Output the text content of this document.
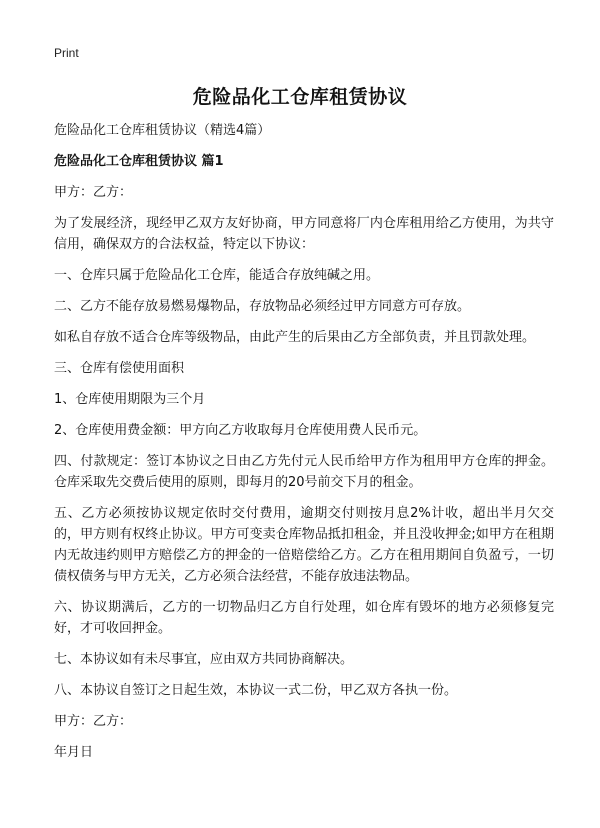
Print
危险品化工仓库租赁协议

危险品化工仓库租赁协议（精选4篇）

危险品化工仓库租赁协议 篇1

甲方：乙方：

为了发展经济，现经甲乙双方友好协商，甲方同意将厂内仓库租用给乙方使用，为共守信用，确保双方的合法权益，特定以下协议：

一、仓库只属于危险品化工仓库，能适合存放纯碱之用。

二、乙方不能存放易燃易爆物品，存放物品必须经过甲方同意方可存放。

如私自存放不适合仓库等级物品，由此产生的后果由乙方全部负责，并且罚款处理。

三、仓库有偿使用面积

1、仓库使用期限为三个月

2、仓库使用费金额：甲方向乙方收取每月仓库使用费人民币元。

四、付款规定：签订本协议之日由乙方先付元人民币给甲方作为租用甲方仓库的押金。仓库采取先交费后使用的原则，即每月的20号前交下月的租金。

五、乙方必须按协议规定依时交付费用，逾期交付则按月息2%计收，超出半月欠交的，甲方则有权终止协议。甲方可变卖仓库物品抵扣租金，并且没收押金;如甲方在租期内无故违约则甲方赔偿乙方的押金的一倍赔偿给乙方。乙方在租用期间自负盈亏，一切债权债务与甲方无关，乙方必须合法经营，不能存放违法物品。

六、协议期满后，乙方的一切物品归乙方自行处理，如仓库有毁坏的地方必须修复完好，才可收回押金。

七、本协议如有未尽事宜，应由双方共同协商解决。

八、本协议自签订之日起生效，本协议一式二份，甲乙双方各执一份。

甲方：乙方：

年月日
